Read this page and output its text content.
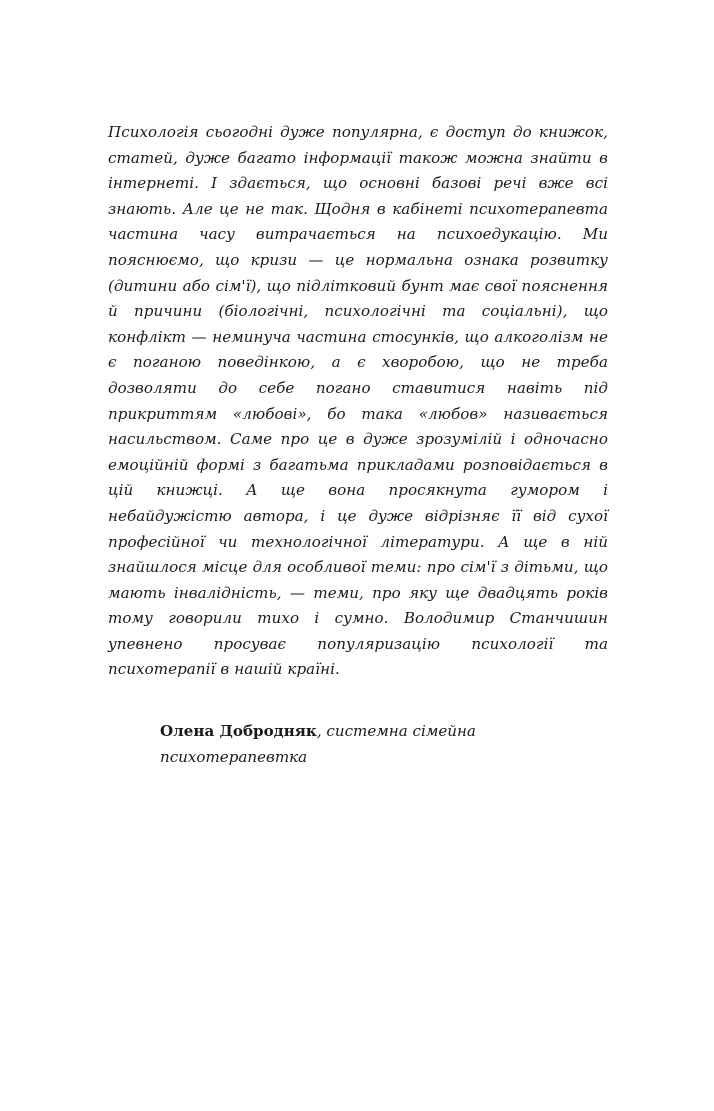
Психологія сьогодні дуже популярна, є доступ до книжок, статей, дуже багато інформації також можна знайти в інтернеті. І здається, що основні базові речі вже всі знають. Але це не так. Щодня в кабінеті психотерапевта частина часу витрачається на психоедукацію. Ми пояснюємо, що кризи — це нормальна ознака розвитку (дитини або сім'ї), що підлітковий бунт має свої пояснення й причини (біологічні, психологічні та соціальні), що конфлікт — неминуча частина стосунків, що алкоголізм не є поганою поведінкою, а є хворобою, що не треба дозволяти до себе погано ставитися навіть під прикриттям «любові», бо така «любов» називається насильством. Саме про це в дуже зрозумілій і одночасно емоційній формі з багатьма прикладами розповідається в цій книжці. А ще вона просякнута гумором і небайдужістю автора, і це дуже відрізняє її від сухої професійної чи технологічної літератури. А ще в ній знайшлося місце для особливої теми: про сім'ї з дітьми, що мають інвалідність, — теми, про яку ще двадцять років тому говорили тихо і сумно. Володимир Станчишин упевнено просуває популяризацію психології та психотерапії в нашій країні.

Олена Добродняк, системна сімейна психотерапевтка
